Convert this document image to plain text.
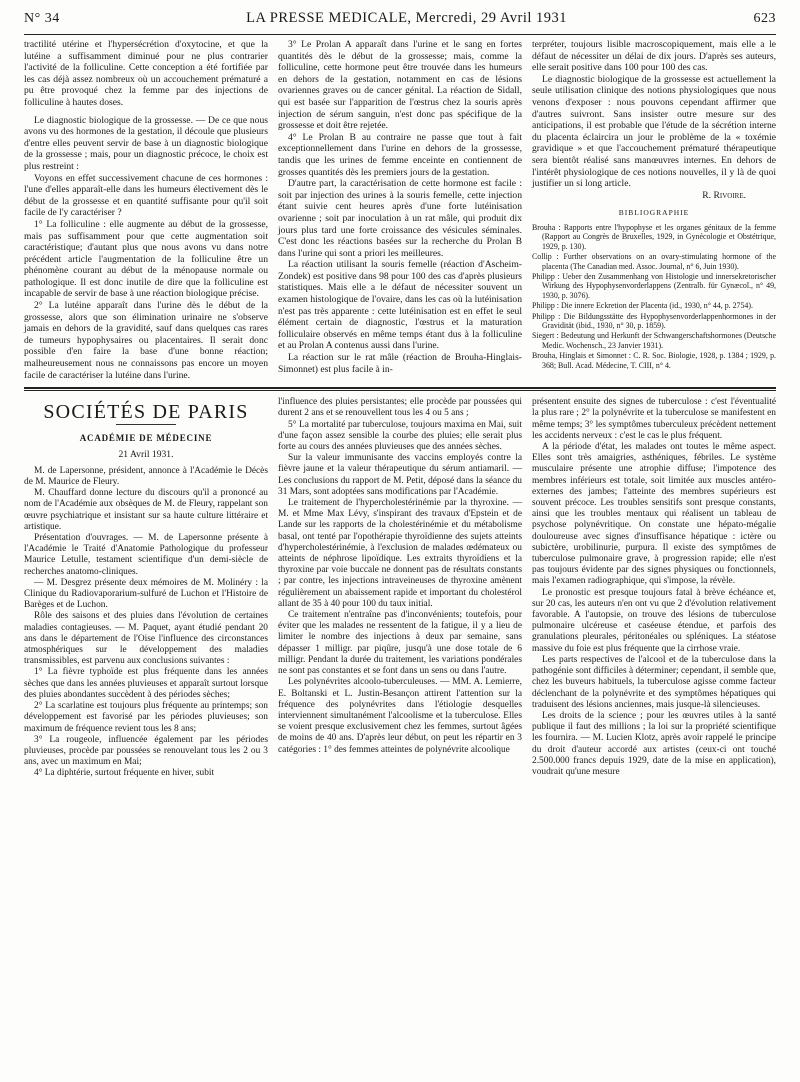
N° 34	LA PRESSE MEDICALE, Mercredi, 29 Avril 1931	623

tractilité utérine et l'hypersécrétion d'oxytocine, et que la lutéine a suffisamment diminué pour ne plus contrarier l'activité de la folliculine. Cette conception a été fortifiée par les cas déjà assez nombreux où un accouchement prématuré a pu être provoqué chez la femme par des injections de folliculine à hautes doses.

Le diagnostic biologique de la grossesse. — De ce que nous avons vu des hormones de la gestation, il découle que plusieurs d'entre elles peuvent servir de base à un diagnostic biologique de la grossesse ; mais, pour un diagnostic précoce, le choix est plus restreint :

Voyons en effet successivement chacune de ces hormones : l'une d'elles apparaît-elle dans les humeurs électivement dès le début de la grossesse et en quantité suffisante pour qu'il soit facile de l'y caractériser ?

1° La folliculine : elle augmente au début de la grossesse, mais pas suffisamment pour que cette augmentation soit caractéristique; d'autant plus que nous avons vu dans notre précédent article l'augmentation de la folliculine être un phénomène courant au début de la ménopause normale ou pathologique. Il est donc inutile de dire que la folliculine est incapable de servir de base à une réaction biologique précise.

2° La lutéine apparaît dans l'urine dès le début de la grossesse, alors que son élimination urinaire ne s'observe jamais en dehors de la gravidité, sauf dans quelques cas rares de tumeurs hypophysaires ou placentaires. Il serait donc possible d'en faire la base d'une bonne réaction; malheureusement nous ne connaissons pas encore un moyen facile de caractériser la lutéine dans l'urine.

3° Le Prolan A apparaît dans l'urine et le sang en fortes quantités dès le début de la grossesse; mais, comme la folliculine, cette hormone peut être trouvée dans les humeurs en dehors de la gestation, notamment en cas de lésions ovariennes graves ou de cancer génital. La réaction de Sidall, qui est basée sur l'apparition de l'œstrus chez la souris après injection de sérum sanguin, n'est donc pas spécifique de la grossesse et doit être rejetée.

4° Le Prolan B au contraire ne passe que tout à fait exceptionnellement dans l'urine en dehors de la grossesse, tandis que les urines de femme enceinte en contiennent de grosses quantités dès les premiers jours de la gestation.

D'autre part, la caractérisation de cette hormone est facile : soit par injection des urines à la souris femelle, cette injection étant suivie cent heures après d'une forte lutéinisation ovarienne ; soit par inoculation à un rat mâle, qui produit dix jours plus tard une forte croissance des vésicules séminales. C'est donc les réactions basées sur la recherche du Prolan B dans l'urine qui sont a priori les meilleures.

La réaction utilisant la souris femelle (réaction d'Ascheim-Zondek) est positive dans 98 pour 100 des cas d'après plusieurs statistiques. Mais elle a le défaut de nécessiter souvent un examen histologique de l'ovaire, dans les cas où la lutéinisation n'est pas très apparente : cette lutéinisation est en effet le seul élément certain de diagnostic, l'œstrus et la maturation folliculaire observés en même temps étant dus à la folliculine et au Prolan A contenus aussi dans l'urine.

La réaction sur le rat mâle (réaction de Brouha-Hinglais-Simonnet) est plus facile à in-

terpréter, toujours lisible macroscopiquement, mais elle a le défaut de nécessiter un délai de dix jours. D'après ses auteurs, elle serait positive dans 100 pour 100 des cas.

Le diagnostic biologique de la grossesse est actuellement la seule utilisation clinique des notions physiologiques que nous venons d'exposer : nous pouvons cependant affirmer que d'autres suivront. Sans insister outre mesure sur des anticipations, il est probable que l'étude de la sécrétion interne du placenta éclaircira un jour le problème de la « toxémie gravidique » et que l'accouchement prématuré thérapeutique sera bientôt réalisé sans manœuvres internes. En dehors de l'intérêt physiologique de ces notions nouvelles, il y là de quoi justifier un si long article.

R. Rivoire.

BIBLIOGRAPHIE

Brouha : Rapports entre l'hypophyse et les organes génitaux de la femme (Rapport au Congrès de Bruxelles, 1929, in Gynécologie et Obstétrique, 1929, p. 130).

Collip : Further observations on an ovary-stimulating hormone of the placenta (The Canadian med. Assoc. Journal, n° 6, Juin 1930).

Philipp : Ueber den Zusammenhang von Histologie und innersekretorischer Wirkung des Hypophysenvorderlappens (Zentralb. für Gynæcol., n° 49, 1930, p. 3076).

Philipp : Die innere Eckretion der Placenta (id., 1930, n° 44, p. 2754).

Philipp : Die Bildungsstätte des Hypophysenvorderlappenhormones in der Gravidität (ibid., 1930, n° 30, p. 1859).

Siegert : Bedeutung und Herkunft der Schwangerschaftshormones (Deutsche Medic. Wochensch., 23 Janvier 1931).

Brouha, Hinglais et Simonnet : C. R. Soc. Biologie, 1928, p. 1384 ; 1929, p. 368; Bull. Acad. Médecine, T. CIII, n° 4.

SOCIÉTÉS DE PARIS
ACADÉMIE DE MÉDECINE
21 Avril 1931.

M. de Lapersonne, président, annonce à l'Académie le Décès de M. Maurice de Fleury.

M. Chauffard donne lecture du discours qu'il a prononcé au nom de l'Académie aux obsèques de M. de Fleury, rappelant son œuvre psychiatrique et insistant sur sa haute culture littéraire et artistique.

Présentation d'ouvrages. — M. de Lapersonne présente à l'Académie le Traité d'Anatomie Pathologique du professeur Maurice Letulle, testament scientifique d'un demi-siècle de recherches anatomo-cliniques.

— M. Desgrez présente deux mémoires de M. Molinéry : la Clinique du Radiovaporarium-sulfuré de Luchon et l'Histoire de Barèges et de Luchon.

Rôle des saisons et des pluies dans l'évolution de certaines maladies contagieuses. — M. Paquet, ayant étudié pendant 20 ans dans le département de l'Oise l'influence des circonstances atmosphériques sur le développement des maladies transmissibles, est parvenu aux conclusions suivantes :

1° La fièvre typhoïde est plus fréquente dans les années sèches que dans les années pluvieuses et apparaît surtout lorsque des pluies abondantes succèdent à des périodes sèches;

2° La scarlatine est toujours plus fréquente au printemps; son développement est favorisé par les périodes pluvieuses; son maximum de fréquence revient tous les 8 ans;

3° La rougeole, influencée également par les périodes pluvieuses, procède par poussées se renouvelant tous les 2 ou 3 ans, avec un maximum en Mai;

4° La diphtérie, surtout fréquente en hiver, subit

l'influence des pluies persistantes; elle procède par poussées qui durent 2 ans et se renouvellent tous les 4 ou 5 ans ;

5° La mortalité par tuberculose, toujours maxima en Mai, suit d'une façon assez sensible la courbe des pluies; elle serait plus forte au cours des années pluvieuses que des années sèches.

Sur la valeur immunisante des vaccins employés contre la fièvre jaune et la valeur thérapeutique du sérum antiamaril. — Les conclusions du rapport de M. Petit, déposé dans la séance du 31 Mars, sont adoptées sans modifications par l'Académie.

Le traitement de l'hypercholestérinémie par la thyroxine. — M. et Mme Max Lévy, s'inspirant des travaux d'Epstein et de Lande sur les rapports de la cholestérinémie et du métabolisme basal, ont tenté par l'opothérapie thyroïdienne des sujets atteints d'hypercholestérinémie, à l'exclusion de malades œdémateux ou atteints de néphrose lipoïdique. Les extraits thyroïdiens et la thyroxine par voie buccale ne donnent pas de résultats constants ; par contre, les injections intraveineuses de thyroxine amènent régulièrement un abaissement rapide et important du cholestérol allant de 35 à 40 pour 100 du taux initial.

Ce traitement n'entraîne pas d'inconvénients; toutefois, pour éviter que les malades ne ressentent de la fatigue, il y a lieu de limiter le nombre des injections à deux par semaine, sans dépasser 1 milligr. par piqûre, jusqu'à une dose totale de 6 milligr. Pendant la durée du traitement, les variations pondérales ne sont pas constantes et se font dans un sens ou dans l'autre.

Les polynévrites alcoolo-tuberculeuses. — MM. A. Lemierre, E. Boltanski et L. Justin-Besançon attirent l'attention sur la fréquence des polynévrites dans l'étiologie desquelles interviennent simultanément l'alcoolisme et la tuberculose. Elles se voient presque exclusivement chez les femmes, surtout âgées de moins de 40 ans. D'après leur début, on peut les répartir en 3 catégories : 1° des femmes atteintes de polynévrite alcoolique

présentent ensuite des signes de tuberculose : c'est l'éventualité la plus rare ; 2° la polynévrite et la tuberculose se manifestent en même temps; 3° les symptômes tuberculeux précèdent nettement les accidents nerveux : c'est le cas le plus fréquent.

A la période d'état, les malades ont toutes le même aspect. Elles sont très amaigries, asthéniques, fébriles. Le système musculaire présente une atrophie diffuse; l'impotence des membres inférieurs est totale, soit limitée aux muscles antéro-externes des jambes; l'atteinte des membres supérieurs est souvent précoce. Les troubles sensitifs sont presque constants, ainsi que les troubles mentaux qui réalisent un tableau de psychose polynévritique. On constate une hépato-mégalie douloureuse avec signes d'insuffisance hépatique : ictère ou subictère, urobilinurie, purpura. Il existe des symptômes de tuberculose pulmonaire grave, à progression rapide; elle n'est pas toujours évidente par des signes physiques ou fonctionnels, mais l'examen radiographique, qui s'impose, la révèle.

Le pronostic est presque toujours fatal à brève échéance et, sur 20 cas, les auteurs n'en ont vu que 2 d'évolution relativement favorable. A l'autopsie, on trouve des lésions de tuberculose pulmonaire ulcéreuse et caséeuse étendue, et parfois des granulations pleurales, péritonéales ou spléniques. La stéatose massive du foie est plus fréquente que la cirrhose vraie.

Les parts respectives de l'alcool et de la tuberculose dans la pathogénie sont difficiles à déterminer; cependant, il semble que, chez les buveurs habituels, la tuberculose agisse comme facteur déclenchant de la polynévrite et des symptômes hépatiques qui traduisent des lésions anciennes, mais jusque-là silencieuses.

Les droits de la science ; pour les œuvres utiles à la santé publique il faut des millions ; la loi sur la propriété scientifique les fournira. — M. Lucien Klotz, après avoir rappelé le principe du droit d'auteur accordé aux artistes (ceux-ci ont touché 2.500.000 francs depuis 1929, date de la mise en application), voudrait qu'une mesure
